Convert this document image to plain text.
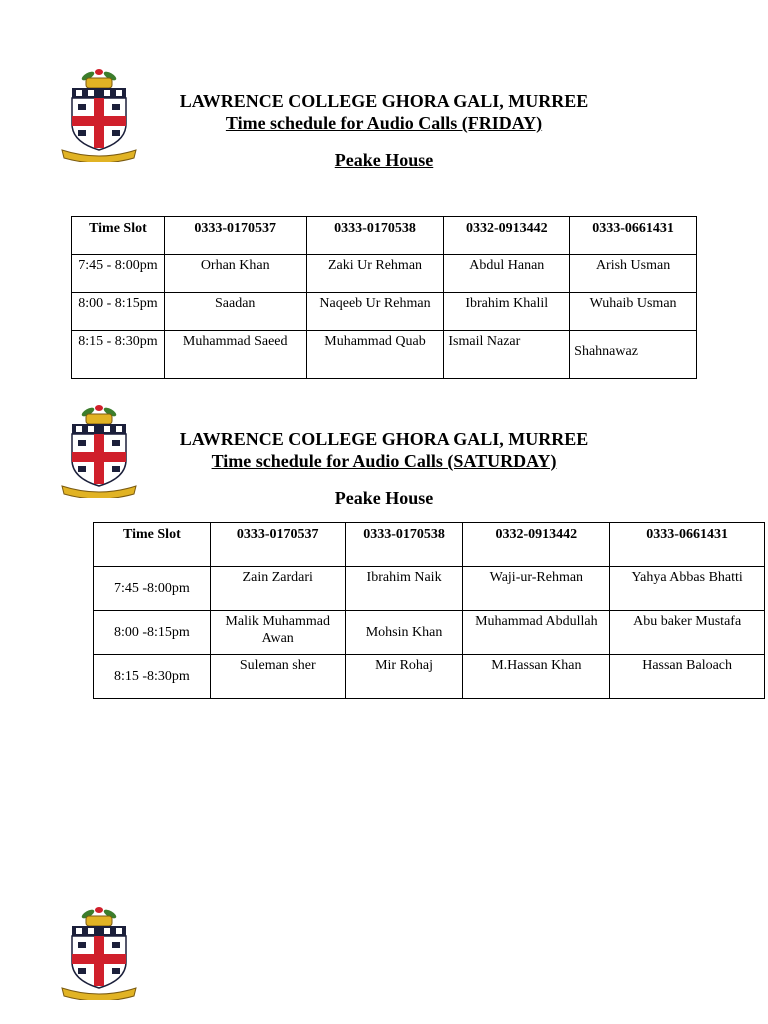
LAWRENCE COLLEGE GHORA GALI, MURREE
Time schedule for Audio Calls (FRIDAY)
Peake House
Time Slot	0333-0170537	0333-0170538	0332-0913442	0333-0661431
7:45 - 8:00pm	Orhan Khan	Zaki Ur Rehman	Abdul Hanan	Arish Usman
8:00 - 8:15pm	Saadan	Naqeeb Ur Rehman	Ibrahim Khalil	Wuhaib Usman
8:15 - 8:30pm	Muhammad Saeed	Muhammad Quab	Ismail Nazar	Shahnawaz
LAWRENCE COLLEGE GHORA GALI, MURREE
Time schedule for Audio Calls (SATURDAY)
Peake House
Time Slot	0333-0170537	0333-0170538	0332-0913442	0333-0661431
7:45 -8:00pm	Zain Zardari	Ibrahim Naik	Waji-ur-Rehman	Yahya Abbas Bhatti
8:00 -8:15pm	Malik Muhammad Awan	Mohsin Khan	Muhammad Abdullah	Abu baker Mustafa
8:15 -8:30pm	Suleman sher	Mir Rohaj	M.Hassan Khan	Hassan Baloach
